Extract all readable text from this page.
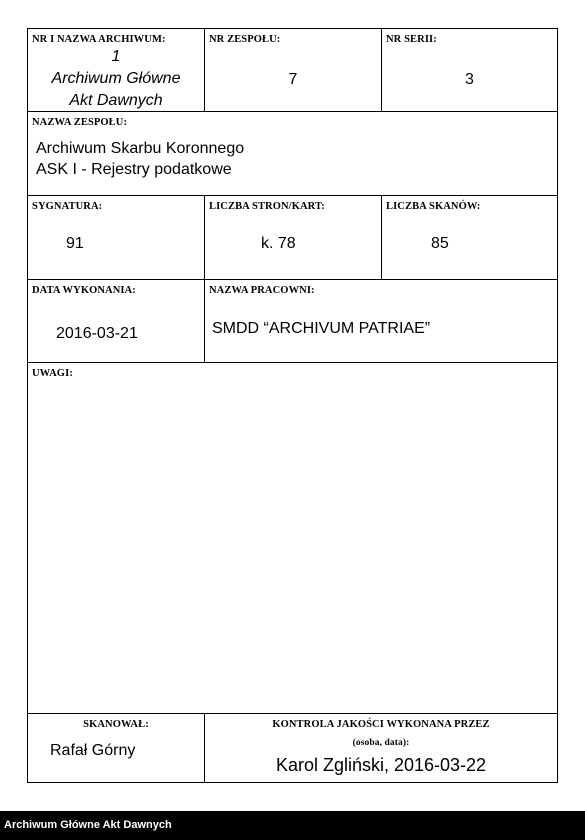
NR I NAZWA ARCHIWUM:
1
Archiwum Główne
Akt Dawnych
NR ZESPOŁU:
7
NR SERII:
3
NAZWA ZESPOŁU:
Archiwum Skarbu Koronnego
ASK I - Rejestry podatkowe
SYGNATURA:
91
LICZBA STRON/KART:
k. 78
LICZBA SKANÓW:
85
DATA WYKONANIA:
2016-03-21
NAZWA PRACOWNI:
SMDD “ARCHIVUM PATRIAE”
UWAGI:
SKANOWAŁ:
Rafał Górny
KONTROLA JAKOŚCI WYKONANA PRZEZ
(osoba, data):
Karol Zgliński, 2016-03-22
Archiwum Główne Akt Dawnych
